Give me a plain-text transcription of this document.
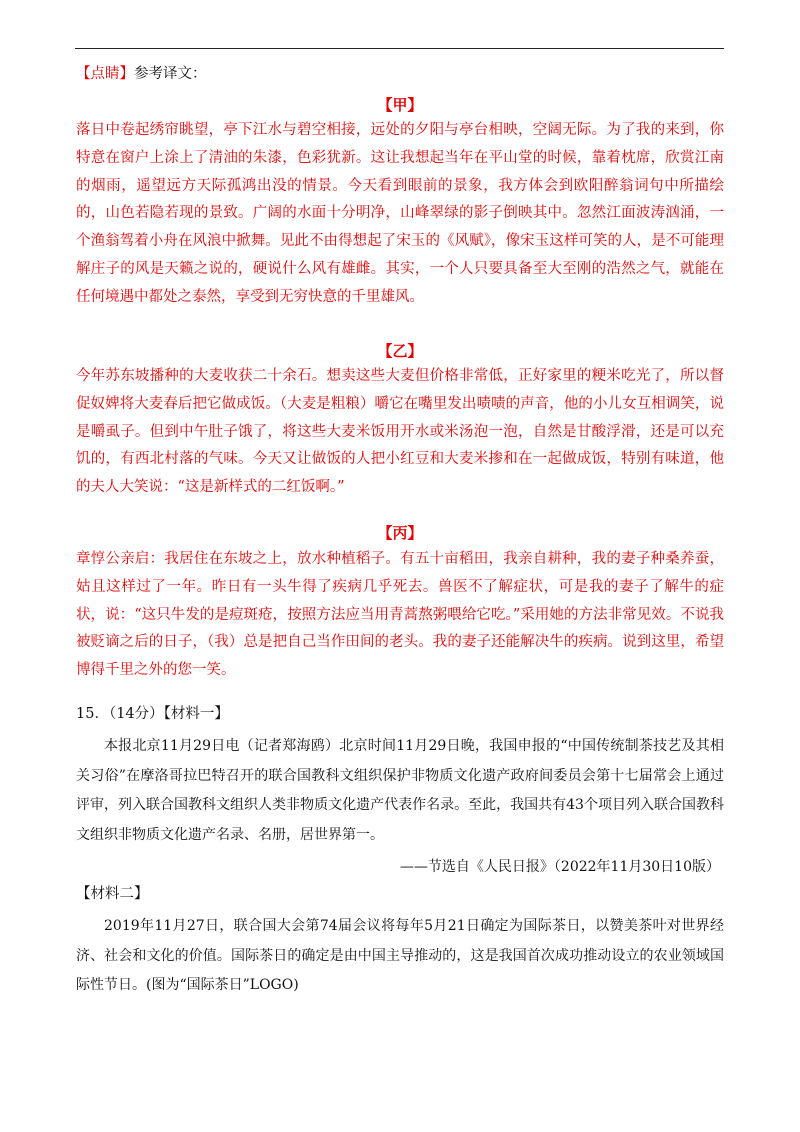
【点睛】参考译文：

【甲】

落日中卷起绣帘眺望，亭下江水与碧空相接，远处的夕阳与亭台相映，空阔无际。为了我的来到，你特意在窗户上涂上了清油的朱漆，色彩犹新。这让我想起当年在平山堂的时候，靠着枕席，欣赏江南的烟雨，遥望远方天际孤鸿出没的情景。今天看到眼前的景象，我方体会到欧阳醉翁词句中所描绘的，山色若隐若现的景致。广阔的水面十分明净，山峰翠绿的影子倒映其中。忽然江面波涛汹涌，一个渔翁驾着小舟在风浪中掀舞。见此不由得想起了宋玉的《风赋》，像宋玉这样可笑的人，是不可能理解庄子的风是天籁之说的，硬说什么风有雄雌。其实，一个人只要具备至大至刚的浩然之气，就能在任何境遇中都处之泰然，享受到无穷快意的千里雄风。

【乙】

今年苏东坡播种的大麦收获二十余石。想卖这些大麦但价格非常低，正好家里的粳米吃光了，所以督促奴婢将大麦春后把它做成饭。（大麦是粗粮）嚼它在嘴里发出啧啧的声音，他的小儿女互相调笑，说是嚼虱子。但到中午肚子饿了，将这些大麦米饭用开水或米汤泡一泡，自然是甘酸浮滑，还是可以充饥的，有西北村落的气味。今天又让做饭的人把小红豆和大麦米掺和在一起做成饭，特别有味道，他的夫人大笑说：“这是新样式的二红饭啊。”

【丙】

章惇公亲启：我居住在东坡之上，放水种植稻子。有五十亩稻田，我亲自耕种，我的妻子种桑养蚕，姑且这样过了一年。昨日有一头牛得了疾病几乎死去。兽医不了解症状，可是我的妻子了解牛的症状，说：“这只牛发的是痘斑疮，按照方法应当用青蒿熬粥喂给它吃。”采用她的方法非常见效。不说我被贬谪之后的日子，（我）总是把自己当作田间的老头。我的妻子还能解决牛的疾病。说到这里，希望博得千里之外的您一笑。

15．（14分）【材料一】

本报北京11月29日电（记者郑海鸥）北京时间11月29日晚，我国申报的“中国传统制茶技艺及其相关习俗”在摩洛哥拉巴特召开的联合国教科文组织保护非物质文化遗产政府间委员会第十七届常会上通过评审，列入联合国教科文组织人类非物质文化遗产代表作名录。至此，我国共有43个项目列入联合国教科文组织非物质文化遗产名录、名册，居世界第一。

——节选自《人民日报》（2022年11月30日10版）
【材料二】

2019年11月27日，联合国大会第74届会议将每年5月21日确定为国际茶日，以赞美茶叶对世界经济、社会和文化的价值。国际茶日的确定是由中国主导推动的，这是我国首次成功推动设立的农业领域国际性节日。(图为“国际茶日”LOGO)
